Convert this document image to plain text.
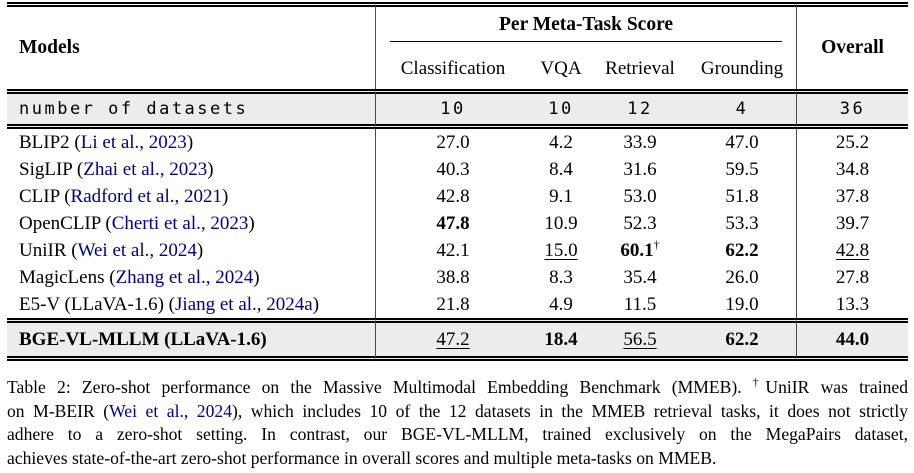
Models	Per Meta-Task Score				Overall
	Classification	VQA	Retrieval	Grounding	
number of datasets	10	10	12	4	36
BLIP2 (Li et al., 2023)	27.0	4.2	33.9	47.0	25.2
SigLIP (Zhai et al., 2023)	40.3	8.4	31.6	59.5	34.8
CLIP (Radford et al., 2021)	42.8	9.1	53.0	51.8	37.8
OpenCLIP (Cherti et al., 2023)	47.8	10.9	52.3	53.3	39.7
UniIR (Wei et al., 2024)	42.1	15.0	60.1†	62.2	42.8
MagicLens (Zhang et al., 2024)	38.8	8.3	35.4	26.0	27.8
E5-V (LLaVA-1.6) (Jiang et al., 2024a)	21.8	4.9	11.5	19.0	13.3
BGE-VL-MLLM (LLaVA-1.6)	47.2	18.4	56.5	62.2	44.0
Table 2: Zero-shot performance on the Massive Multimodal Embedding Benchmark (MMEB). †UniIR was trained
on M-BEIR (Wei et al., 2024), which includes 10 of the 12 datasets in the MMEB retrieval tasks, it does not strictly
adhere to a zero-shot setting. In contrast, our BGE-VL-MLLM, trained exclusively on the MegaPairs dataset,
achieves state-of-the-art zero-shot performance in overall scores and multiple meta-tasks on MMEB.
